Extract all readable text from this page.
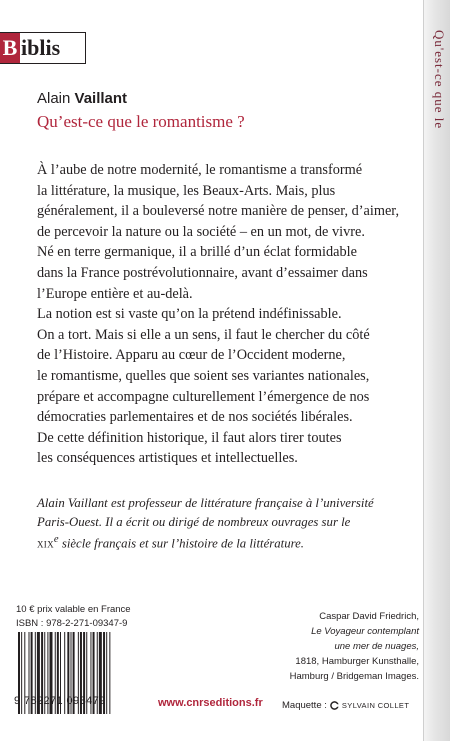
Qu'est-ce que le
B iblis
Alain Vaillant
Qu’est-ce que le romantisme ?
À l’aube de notre modernité, le romantisme a transformé
la littérature, la musique, les Beaux-Arts. Mais, plus
généralement, il a bouleversé notre manière de penser, d’aimer,
de percevoir la nature ou la société – en un mot, de vivre.
Né en terre germanique, il a brillé d’un éclat formidable
dans la France postrévolutionnaire, avant d’essaimer dans
l’Europe entière et au-delà.
La notion est si vaste qu’on la prétend indéfinissable.
On a tort. Mais si elle a un sens, il faut le chercher du côté
de l’Histoire. Apparu au cœur de l’Occident moderne,
le romantisme, quelles que soient ses variantes nationales,
prépare et accompagne culturellement l’émergence de nos
démocraties parlementaires et de nos sociétés libérales.
De cette définition historique, il faut alors tirer toutes
les conséquences artistiques et intellectuelles.
Alain Vaillant est professeur de littérature française à l’université
Paris-Ouest. Il a écrit ou dirigé de nombreux ouvrages sur le
xix$^e$ siècle français et sur l’histoire de la littérature.
10 € prix valable en France
ISBN : 978-2-271-09347-9
9 782271 093479	www.cnrseditions.fr
Caspar David Friedrich,
Le Voyageur contemplant
une mer de nuages,
1818, Hamburger Kunsthalle,
Hamburg / Bridgeman Images.
Maquette : SYLVAIN COLLET
